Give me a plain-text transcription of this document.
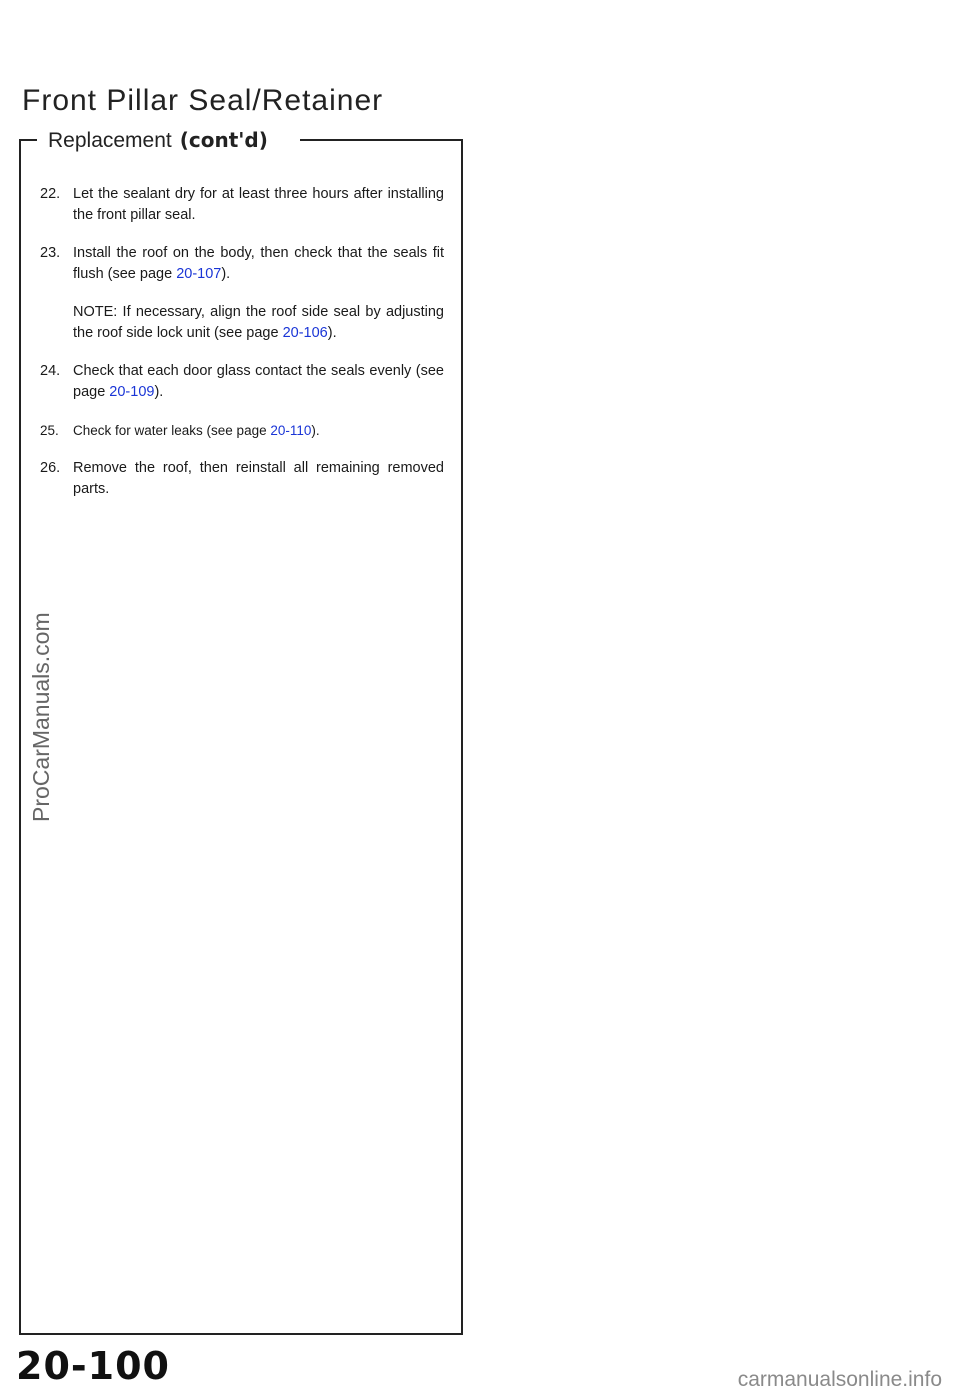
Front Pillar Seal/Retainer
Replacement (cont'd)
22. Let the sealant dry for at least three hours after installing the front pillar seal.
23. Install the roof on the body, then check that the seals fit flush (see page 20-107).
NOTE: If necessary, align the roof side seal by adjusting the roof side lock unit (see page 20-106).
24. Check that each door glass contact the seals evenly (see page 20-109).
25. Check for water leaks (see page 20-110).
26. Remove the roof, then reinstall all remaining removed parts.
ProCarManuals.com
20-100	carmanualsonline.info
